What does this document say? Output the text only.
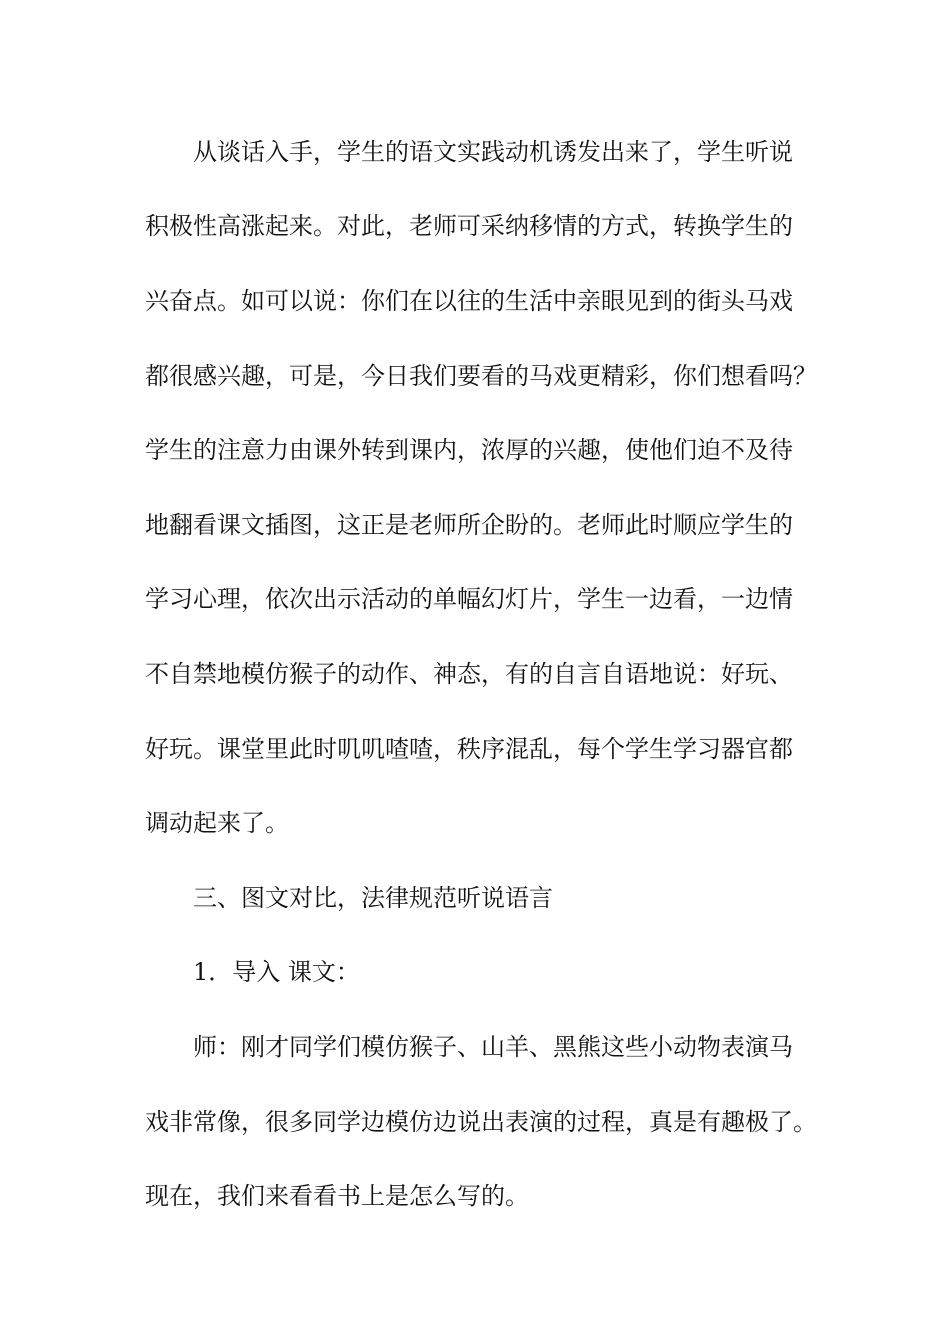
从谈话入手，学生的语文实践动机诱发出来了，学生听说
积极性高涨起来。对此，老师可采纳移情的方式，转换学生的
兴奋点。如可以说：你们在以往的生活中亲眼见到的街头马戏
都很感兴趣，可是，今日我们要看的马戏更精彩，你们想看吗？
学生的注意力由课外转到课内，浓厚的兴趣，使他们迫不及待
地翻看课文插图，这正是老师所企盼的。老师此时顺应学生的
学习心理，依次出示活动的单幅幻灯片，学生一边看，一边情
不自禁地模仿猴子的动作、神态，有的自言自语地说：好玩、
好玩。课堂里此时叽叽喳喳，秩序混乱，每个学生学习器官都
调动起来了。
三、图文对比，法律规范听说语言
1．导入 课文：
师：刚才同学们模仿猴子、山羊、黑熊这些小动物表演马
戏非常像，很多同学边模仿边说出表演的过程，真是有趣极了。
现在，我们来看看书上是怎么写的。
